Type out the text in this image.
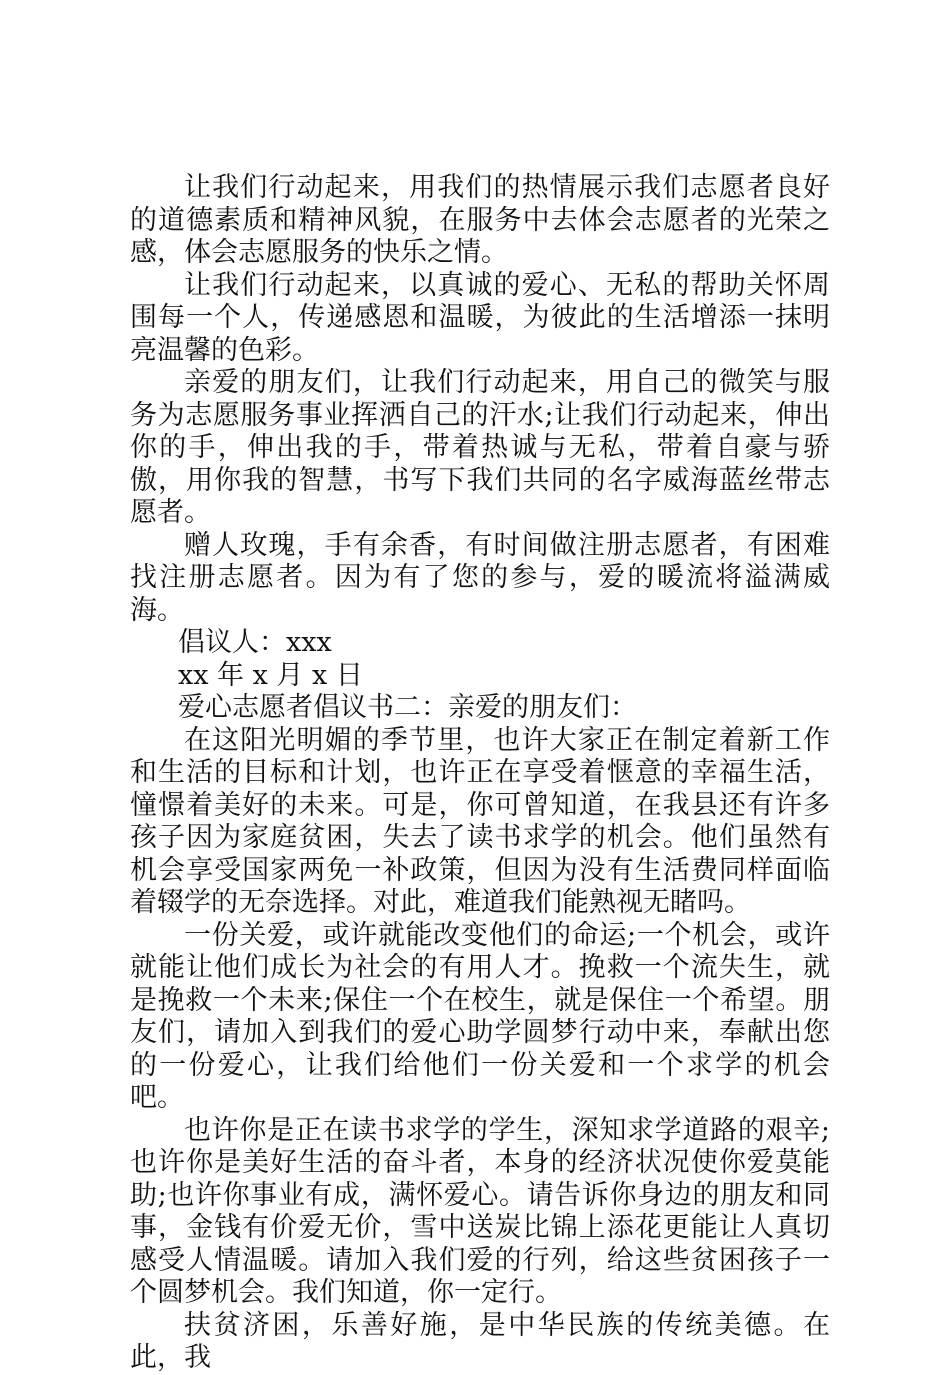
让我们行动起来，用我们的热情展示我们志愿者良好的道德素质和精神风貌，在服务中去体会志愿者的光荣之感，体会志愿服务的快乐之情。

让我们行动起来，以真诚的爱心、无私的帮助关怀周围每一个人，传递感恩和温暖，为彼此的生活增添一抹明亮温馨的色彩。

亲爱的朋友们，让我们行动起来，用自己的微笑与服务为志愿服务事业挥洒自己的汗水;让我们行动起来，伸出你的手，伸出我的手，带着热诚与无私，带着自豪与骄傲，用你我的智慧，书写下我们共同的名字威海蓝丝带志愿者。

赠人玫瑰，手有余香，有时间做注册志愿者，有困难找注册志愿者。因为有了您的参与，爱的暖流将溢满威海。

倡议人：xxx

xx 年 x 月 x 日

爱心志愿者倡议书二：亲爱的朋友们：

在这阳光明媚的季节里，也许大家正在制定着新工作和生活的目标和计划，也许正在享受着惬意的幸福生活，憧憬着美好的未来。可是，你可曾知道，在我县还有许多孩子因为家庭贫困，失去了读书求学的机会。他们虽然有机会享受国家两免一补政策，但因为没有生活费同样面临着辍学的无奈选择。对此，难道我们能熟视无睹吗。

一份关爱，或许就能改变他们的命运;一个机会，或许就能让他们成长为社会的有用人才。挽救一个流失生，就是挽救一个未来;保住一个在校生，就是保住一个希望。朋友们，请加入到我们的爱心助学圆梦行动中来，奉献出您的一份爱心，让我们给他们一份关爱和一个求学的机会吧。

也许你是正在读书求学的学生，深知求学道路的艰辛;也许你是美好生活的奋斗者，本身的经济状况使你爱莫能助;也许你事业有成，满怀爱心。请告诉你身边的朋友和同事，金钱有价爱无价，雪中送炭比锦上添花更能让人真切感受人情温暖。请加入我们爱的行列，给这些贫困孩子一个圆梦机会。我们知道，你一定行。

扶贫济困，乐善好施，是中华民族的传统美德。在此，我
